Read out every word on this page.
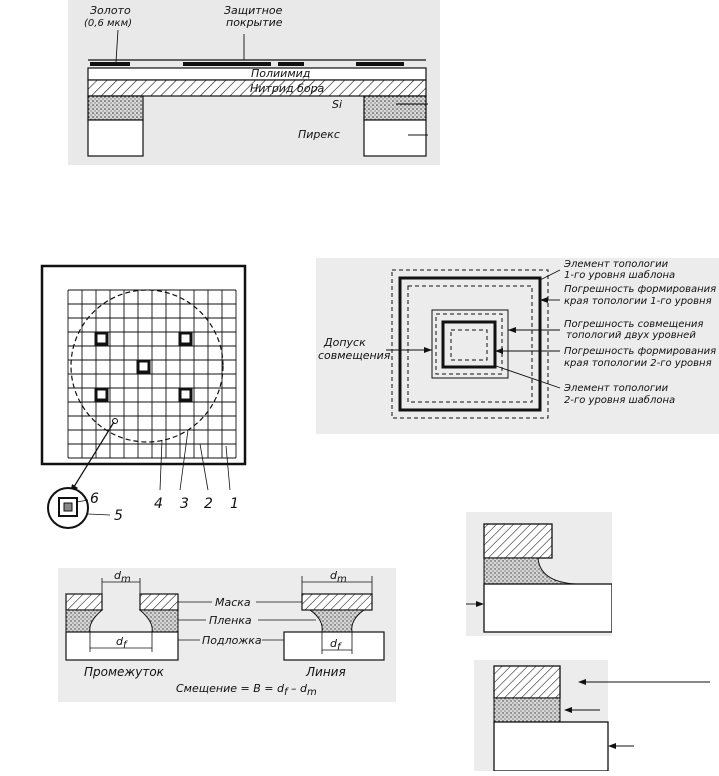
Золото
(0,6 мкм)
Защитное
покрытие
Полиимид
Нитрид бора
Si
Пирекс
6
5
4 3 2 1
Элемент топологии
1-го уровня шаблона
Погрешность формирования
края топологии 1-го уровня
Погрешность совмещения
топологий двух уровней
Погрешность формирования
края топологии 2-го уровня
Элемент топологии
2-го уровня шаблона
Допуск
совмещения
dm
df
dm
df
Маска
Пленка
Подложка
Промежуток	Линия
Смещение = B = df – dm
